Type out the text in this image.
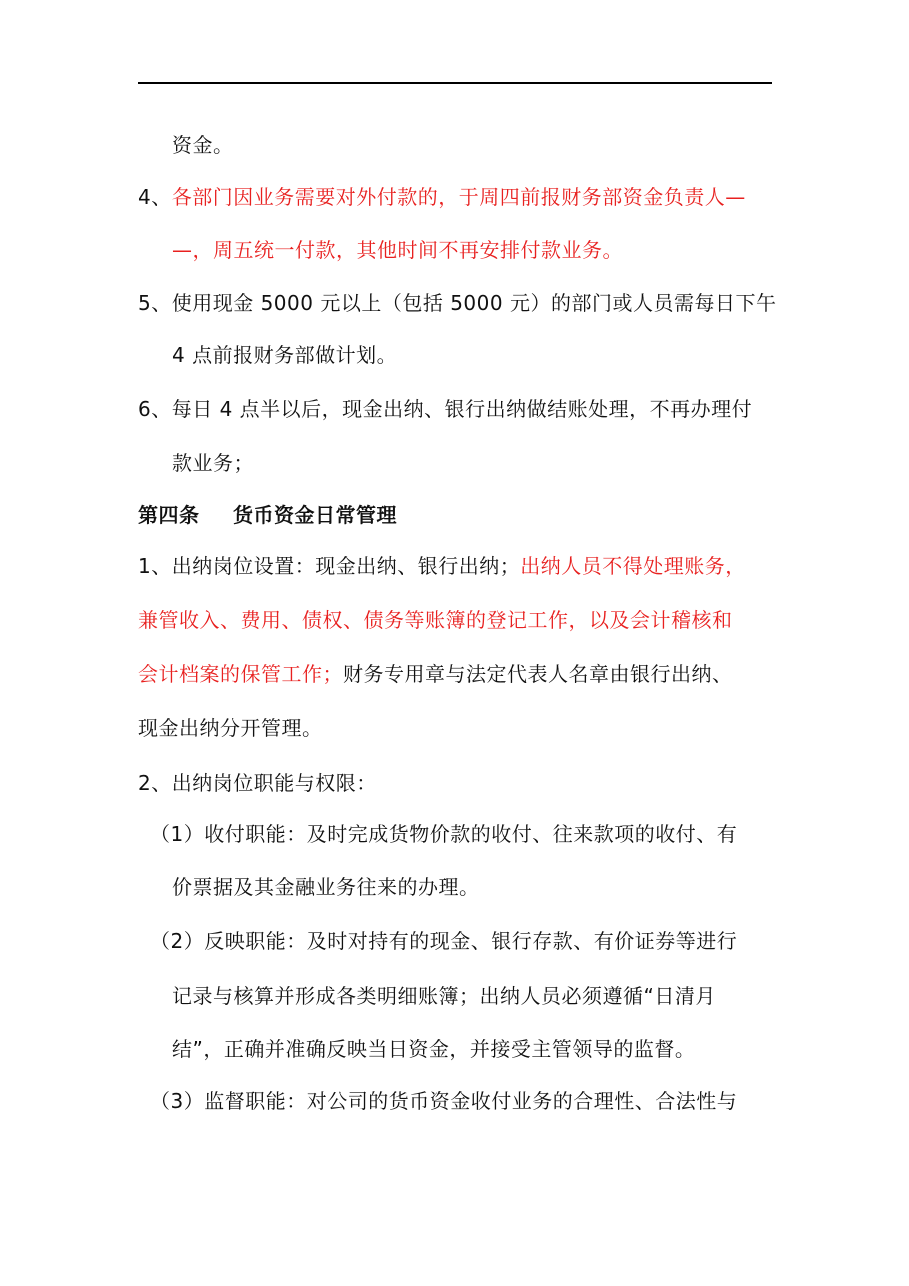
资金。
4、各部门因业务需要对外付款的，于周四前报财务部资金负责人—
—，周五统一付款，其他时间不再安排付款业务。
5、使用现金 5000 元以上（包括 5000 元）的部门或人员需每日下午
4 点前报财务部做计划。
6、每日 4 点半以后，现金出纳、银行出纳做结账处理，不再办理付
款业务；
第四条 货币资金日常管理
1、出纳岗位设置：现金出纳、银行出纳；出纳人员不得处理账务，
兼管收入、费用、债权、债务等账簿的登记工作，以及会计稽核和
会计档案的保管工作；财务专用章与法定代表人名章由银行出纳、
现金出纳分开管理。
2、出纳岗位职能与权限：
（1）收付职能：及时完成货物价款的收付、往来款项的收付、有
价票据及其金融业务往来的办理。
（2）反映职能：及时对持有的现金、银行存款、有价证券等进行
记录与核算并形成各类明细账簿；出纳人员必须遵循“日清月
结”，正确并准确反映当日资金，并接受主管领导的监督。
（3）监督职能：对公司的货币资金收付业务的合理性、合法性与
